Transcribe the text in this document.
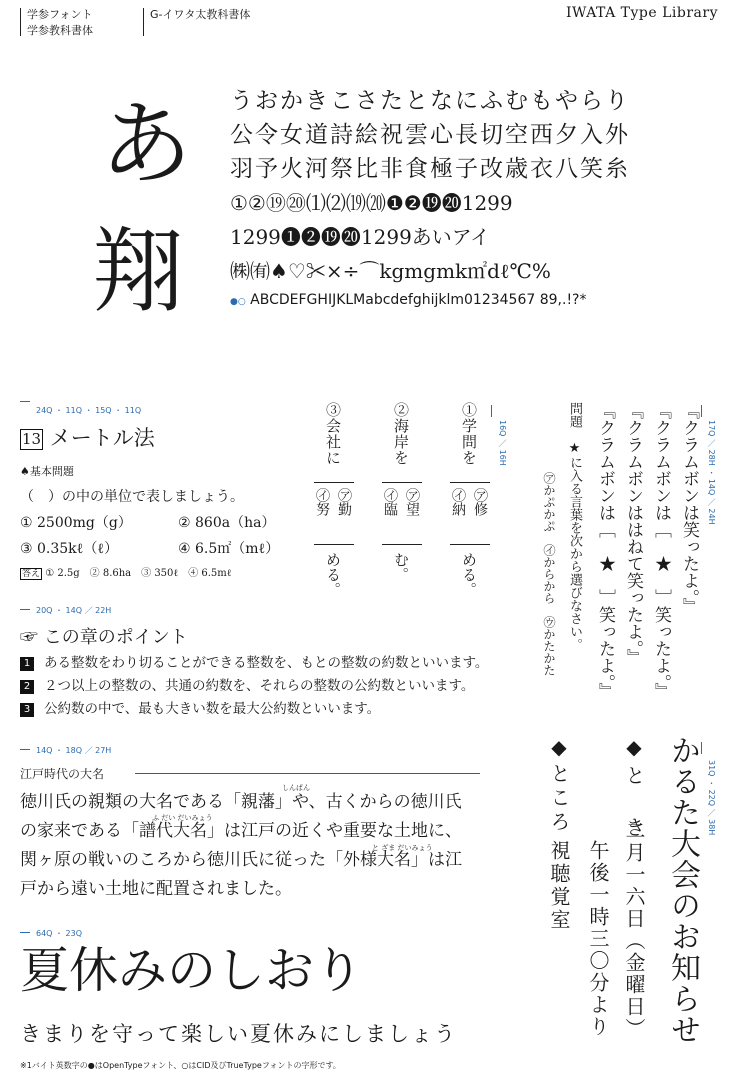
学参フォント
学参教科書体
G-イワタ太教科書体	IWATA Type Library
あ
翔
うおかきこさたとなにふむもやらり
公令女道詩絵祝雲心長切空西夕入外
羽予火河祭比非食極子改歳衣八笑糸
①②⑲⑳⑴⑵⒆⒇❶❷⓳⓴1299
1299❶❷⓳⓴1299あいアイ
㈱㈲♠♡✂×÷⌒kgmgmk㎡dℓ℃%
●○ ABCDEFGHIJKLMabcdefghijklm01234567 89,.!?*
24Q ・ 11Q ・ 15Q ・ 11Q
13 メートル法
♠基本問題
（　）の中の単位で表しましょう。
① 2500mg（g）	② 860a（ha）
③ 0.35kℓ（ℓ）	④ 6.5㎡（mℓ）
答え ① 2.5g　② 8.6ha　③ 350ℓ　④ 6.5mℓ
16Q ／ 16H
①学問を
㋐修
㋑納
める。
②海岸を
㋐望
㋑臨
む。
③会社に
㋐勤
㋑努
める。
17Q ／ 28H ・ 14Q ／ 24H
『クラムボンは笑ったよ。』
『クラムボンは［　★　］笑ったよ。』
『クラムボンははねて笑ったよ。』
『クラムボンは［　★　］笑ったよ。』
問題　★に入る言葉を次から選びなさい。
㋐かぷかぷ　㋑からから　㋒かたかた
20Q ・ 14Q ／ 22H
☞ この章のポイント
1 ある整数をわり切ることができる整数を、もとの整数の約数といいます。
2 ２つ以上の整数の、共通の約数を、それらの整数の公約数といいます。
3 公約数の中で、最も大きい数を最大公約数といいます。
14Q ・ 18Q ／ 27H
江戸時代の大名
しんぱん
ふ だい だいみょう
と ざま だいみょう
徳川氏の親類の大名である「親藩」や、古くからの徳川氏
の家来である「譜代大名」は江戸の近くや重要な土地に、
関ヶ原の戦いのころから徳川氏に従った「外様大名」は江
戸から遠い土地に配置されました。
64Q ・ 23Q
夏休みのしおり
きまりを守って楽しい夏休みにしましょう
31Q ・ 22Q ／ 38H
かるた大会のお知らせ
◆と　き
二月一六日（金曜日）
午後一時三〇分より
◆ところ
視聴覚室
※1バイト英数字の●はOpenTypeフォント、○はCID及びTrueTypeフォントの字形です。
